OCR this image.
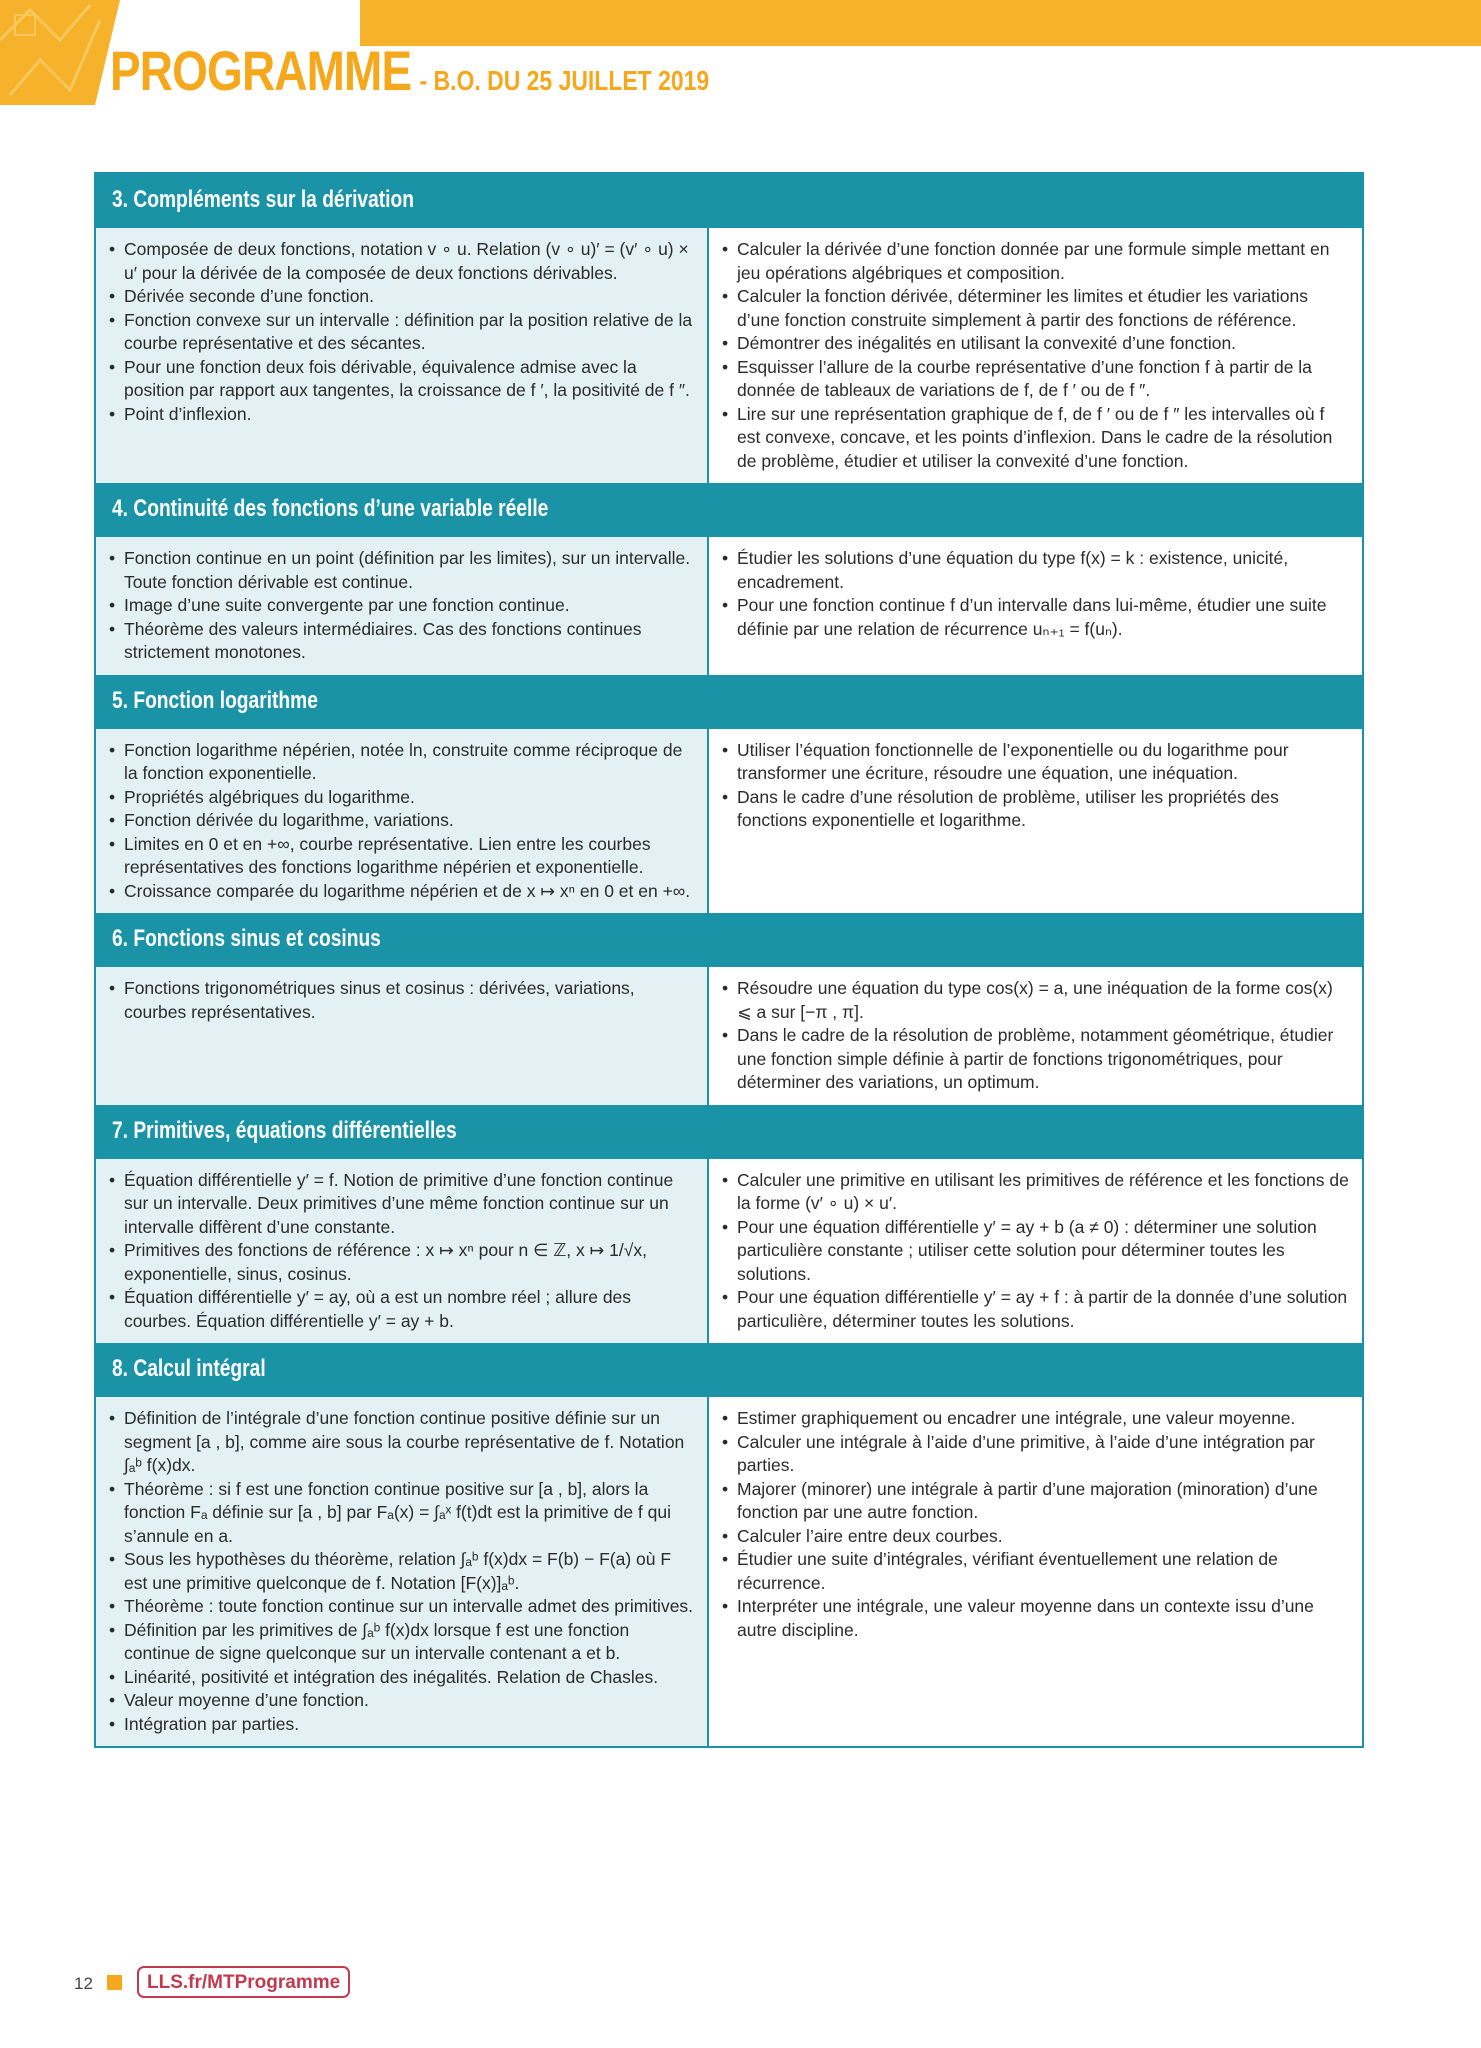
PROGRAMME - B.O. DU 25 JUILLET 2019
3. Compléments sur la dérivation
• Composée de deux fonctions, notation v ∘ u. Relation (v ∘ u)′ = (v′ ∘ u) × u′ pour la dérivée de la composée de deux fonctions dérivables.
• Dérivée seconde d’une fonction.
• Fonction convexe sur un intervalle : définition par la position relative de la courbe représentative et des sécantes.
• Pour une fonction deux fois dérivable, équivalence admise avec la position par rapport aux tangentes, la croissance de f ′, la positivité de f ″.
• Point d’inflexion.
• Calculer la dérivée d’une fonction donnée par une formule simple mettant en jeu opérations algébriques et composition.
• Calculer la fonction dérivée, déterminer les limites et étudier les variations d’une fonction construite simplement à partir des fonctions de référence.
• Démontrer des inégalités en utilisant la convexité d’une fonction.
• Esquisser l’allure de la courbe représentative d’une fonction f à partir de la donnée de tableaux de variations de f, de f ′ ou de f ″.
• Lire sur une représentation graphique de f, de f ′ ou de f ″ les intervalles où f est convexe, concave, et les points d’inflexion. Dans le cadre de la résolution de problème, étudier et utiliser la convexité d’une fonction.
4. Continuité des fonctions d’une variable réelle
• Fonction continue en un point (définition par les limites), sur un intervalle. Toute fonction dérivable est continue.
• Image d’une suite convergente par une fonction continue.
• Théorème des valeurs intermédiaires. Cas des fonctions continues strictement monotones.
• Étudier les solutions d’une équation du type f(x) = k : existence, unicité, encadrement.
• Pour une fonction continue f d’un intervalle dans lui-même, étudier une suite définie par une relation de récurrence uₙ₊₁ = f(uₙ).
5. Fonction logarithme
• Fonction logarithme népérien, notée ln, construite comme réciproque de la fonction exponentielle.
• Propriétés algébriques du logarithme.
• Fonction dérivée du logarithme, variations.
• Limites en 0 et en +∞, courbe représentative. Lien entre les courbes représentatives des fonctions logarithme népérien et exponentielle.
• Croissance comparée du logarithme népérien et de x ↦ xⁿ en 0 et en +∞.
• Utiliser l’équation fonctionnelle de l’exponentielle ou du logarithme pour transformer une écriture, résoudre une équation, une inéquation.
• Dans le cadre d’une résolution de problème, utiliser les propriétés des fonctions exponentielle et logarithme.
6. Fonctions sinus et cosinus
• Fonctions trigonométriques sinus et cosinus : dérivées, variations, courbes représentatives.
• Résoudre une équation du type cos(x) = a, une inéquation de la forme cos(x) ⩽ a sur [−π , π].
• Dans le cadre de la résolution de problème, notamment géométrique, étudier une fonction simple définie à partir de fonctions trigonométriques, pour déterminer des variations, un optimum.
7. Primitives, équations différentielles
• Équation différentielle y′ = f. Notion de primitive d’une fonction continue sur un intervalle. Deux primitives d’une même fonction continue sur un intervalle diffèrent d’une constante.
• Primitives des fonctions de référence : x ↦ xⁿ pour n ∈ ℤ, x ↦ 1/√x, exponentielle, sinus, cosinus.
• Équation différentielle y′ = ay, où a est un nombre réel ; allure des courbes. Équation différentielle y′ = ay + b.
• Calculer une primitive en utilisant les primitives de référence et les fonctions de la forme (v′ ∘ u) × u′.
• Pour une équation différentielle y′ = ay + b (a ≠ 0) : déterminer une solution particulière constante ; utiliser cette solution pour déterminer toutes les solutions.
• Pour une équation différentielle y′ = ay + f : à partir de la donnée d’une solution particulière, déterminer toutes les solutions.
8. Calcul intégral
• Définition de l’intégrale d’une fonction continue positive définie sur un segment [a , b], comme aire sous la courbe représentative de f. Notation ∫ₐᵇ f(x)dx.
• Théorème : si f est une fonction continue positive sur [a , b], alors la fonction Fₐ définie sur [a , b] par Fₐ(x) = ∫ₐˣ f(t)dt est la primitive de f qui s’annule en a.
• Sous les hypothèses du théorème, relation ∫ₐᵇ f(x)dx = F(b) − F(a) où F est une primitive quelconque de f. Notation [F(x)]ₐᵇ.
• Théorème : toute fonction continue sur un intervalle admet des primitives.
• Définition par les primitives de ∫ₐᵇ f(x)dx lorsque f est une fonction continue de signe quelconque sur un intervalle contenant a et b.
• Linéarité, positivité et intégration des inégalités. Relation de Chasles.
• Valeur moyenne d’une fonction.
• Intégration par parties.
• Estimer graphiquement ou encadrer une intégrale, une valeur moyenne.
• Calculer une intégrale à l’aide d’une primitive, à l’aide d’une intégration par parties.
• Majorer (minorer) une intégrale à partir d’une majoration (minoration) d’une fonction par une autre fonction.
• Calculer l’aire entre deux courbes.
• Étudier une suite d’intégrales, vérifiant éventuellement une relation de récurrence.
• Interpréter une intégrale, une valeur moyenne dans un contexte issu d’une autre discipline.
12	LLS.fr/MTProgramme
